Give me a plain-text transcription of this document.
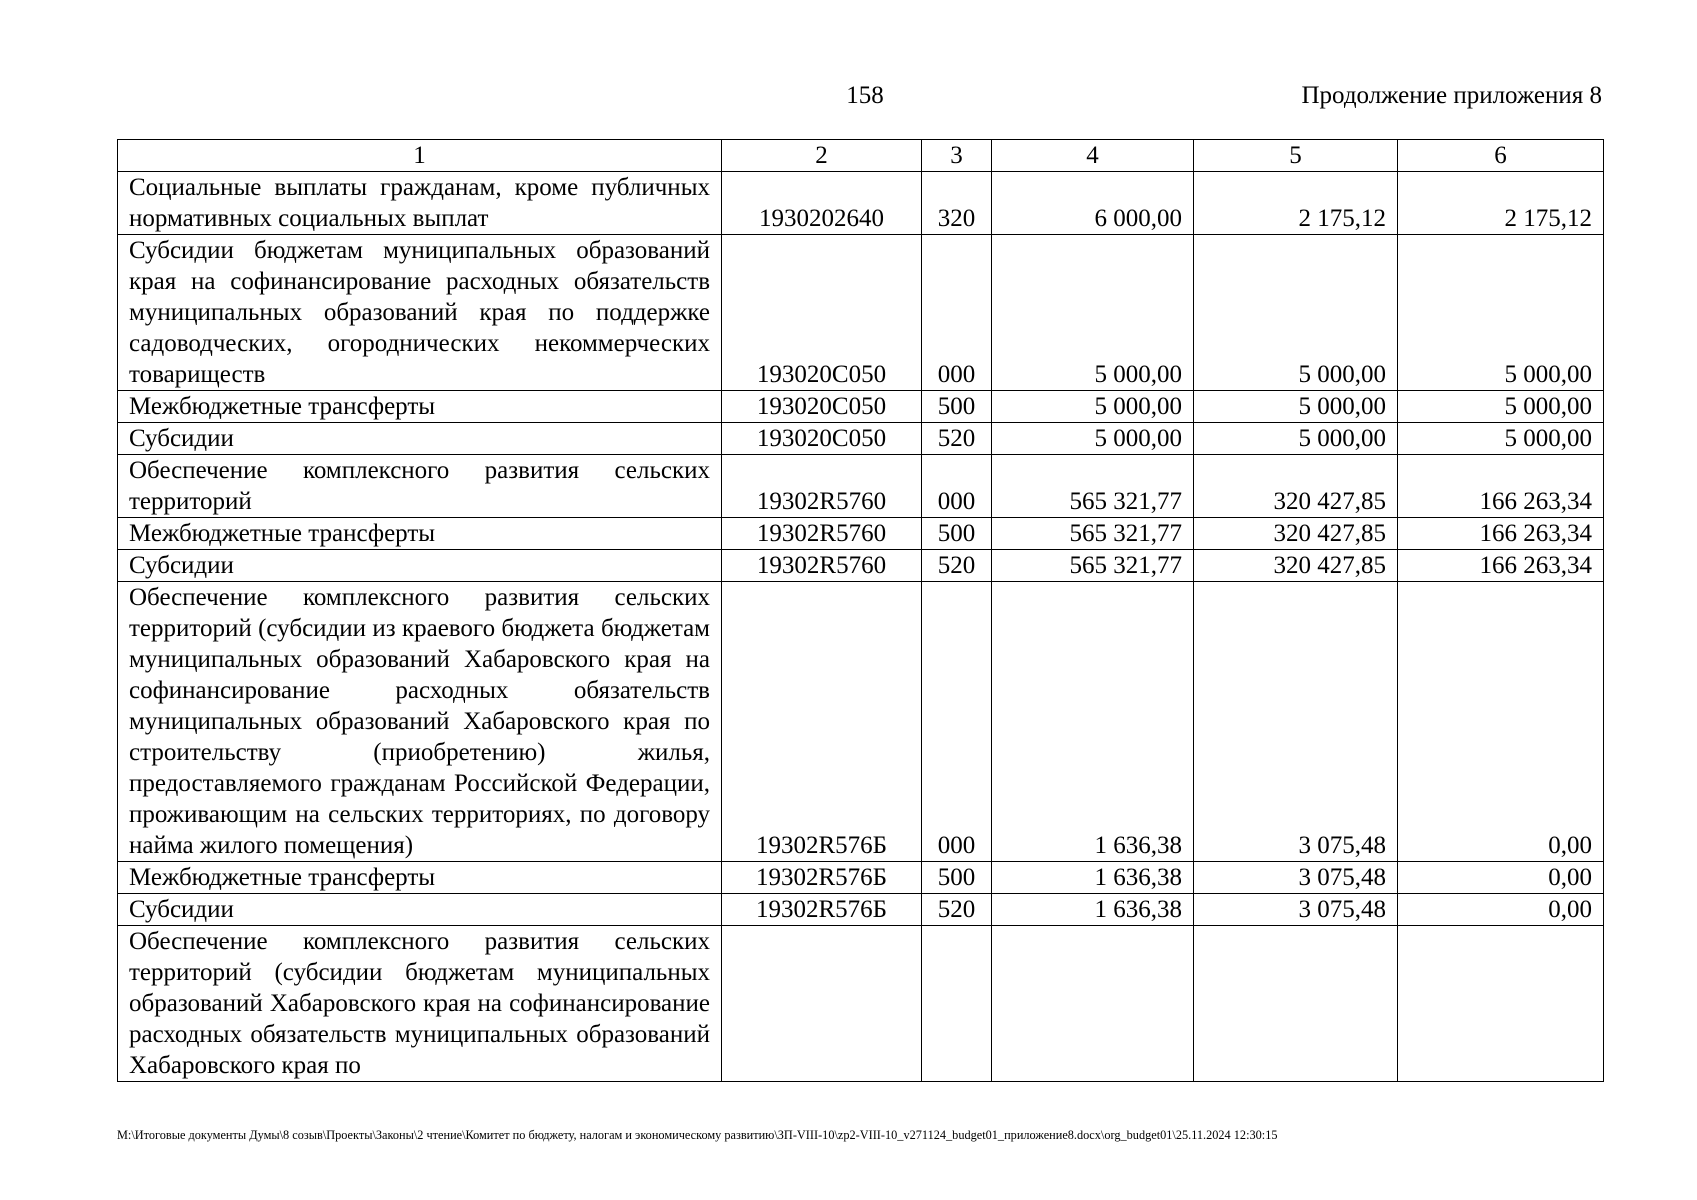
158	Продолжение приложения 8
1	2	3	4	5	6
Социальные выплаты гражданам, кроме публичных нормативных социальных выплат	1930202640	320	6 000,00	2 175,12	2 175,12
Субсидии бюджетам муниципальных образований края на софинансирование расходных обязательств муниципальных образований края по поддержке садоводческих, огороднических некоммерческих товариществ	193020С050	000	5 000,00	5 000,00	5 000,00
Межбюджетные трансферты	193020С050	500	5 000,00	5 000,00	5 000,00
Субсидии	193020С050	520	5 000,00	5 000,00	5 000,00
Обеспечение комплексного развития сельских территорий	19302R5760	000	565 321,77	320 427,85	166 263,34
Межбюджетные трансферты	19302R5760	500	565 321,77	320 427,85	166 263,34
Субсидии	19302R5760	520	565 321,77	320 427,85	166 263,34
Обеспечение комплексного развития сельских территорий (субсидии из краевого бюджета бюджетам муниципальных образований Хабаровского края на софинансирование расходных обязательств муниципальных образований Хабаровского края по строительству (приобретению) жилья, предоставляемого гражданам Российской Федерации, проживающим на сельских территориях, по договору найма жилого помещения)	19302R576Б	000	1 636,38	3 075,48	0,00
Межбюджетные трансферты	19302R576Б	500	1 636,38	3 075,48	0,00
Субсидии	19302R576Б	520	1 636,38	3 075,48	0,00
Обеспечение комплексного развития сельских территорий (субсидии бюджетам муниципальных образований Хабаровского края на софинансирование расходных обязательств муниципальных образований Хабаровского края по					
M:\Итоговые документы Думы\8 созыв\Проекты\Законы\2 чтение\Комитет по бюджету, налогам и экономическому развитию\ЗП-VIII-10\zp2-VIII-10_v271124_budget01_приложение8.docx\org_budget01\25.11.2024 12:30:15
